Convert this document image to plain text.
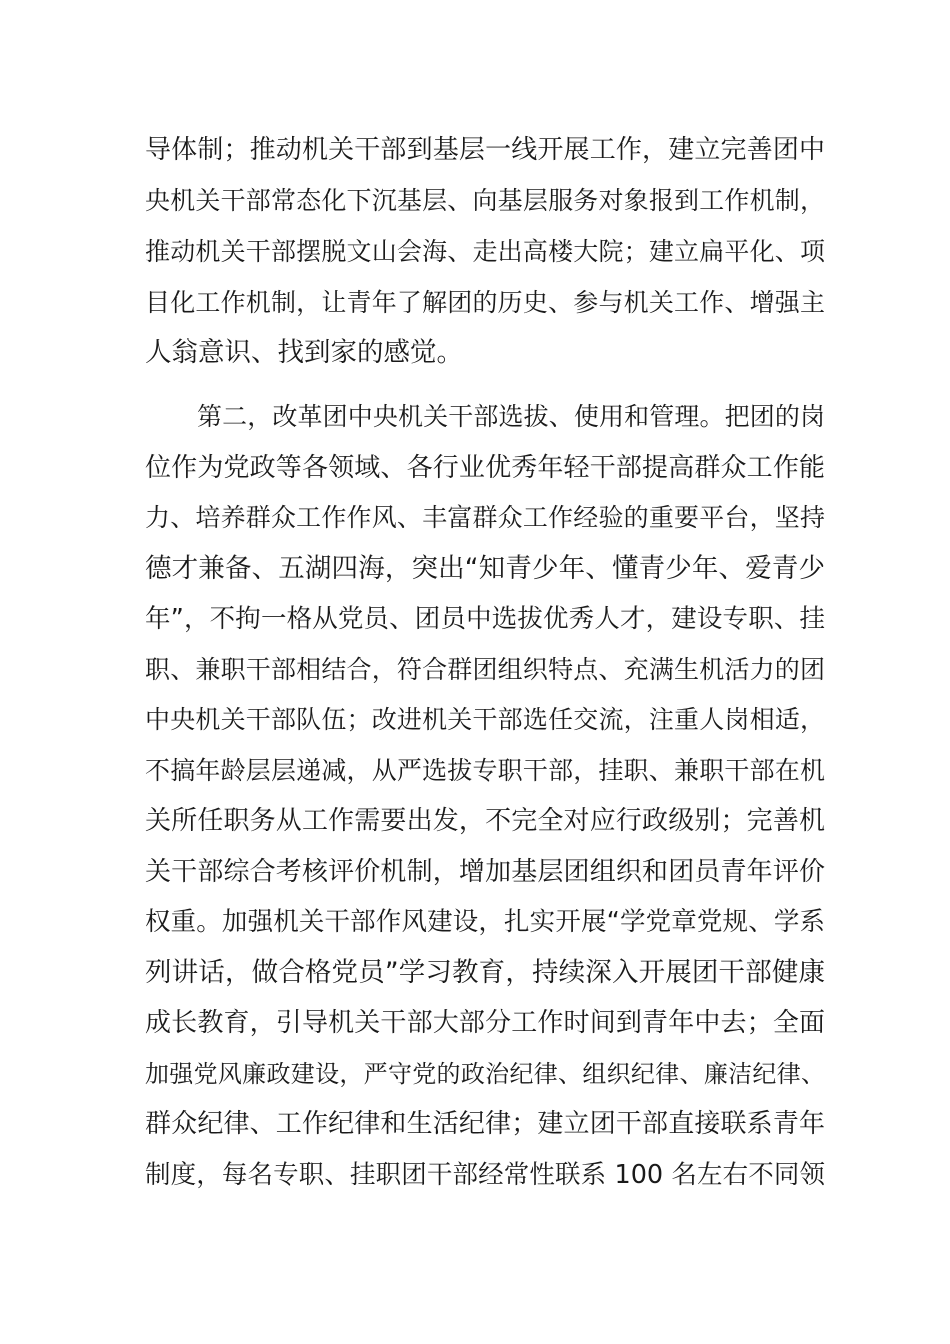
导体制；推动机关干部到基层一线开展工作，建立完善团中
央机关干部常态化下沉基层、向基层服务对象报到工作机制，
推动机关干部摆脱文山会海、走出高楼大院；建立扁平化、项
目化工作机制，让青年了解团的历史、参与机关工作、增强主
人翁意识、找到家的感觉。
第二，改革团中央机关干部选拔、使用和管理。把团的岗
位作为党政等各领域、各行业优秀年轻干部提高群众工作能
力、培养群众工作作风、丰富群众工作经验的重要平台，坚持
德才兼备、五湖四海，突出“知青少年、懂青少年、爱青少
年”，不拘一格从党员、团员中选拔优秀人才，建设专职、挂
职、兼职干部相结合，符合群团组织特点、充满生机活力的团
中央机关干部队伍；改进机关干部选任交流，注重人岗相适，
不搞年龄层层递减，从严选拔专职干部，挂职、兼职干部在机
关所任职务从工作需要出发，不完全对应行政级别；完善机
关干部综合考核评价机制，增加基层团组织和团员青年评价
权重。加强机关干部作风建设，扎实开展“学党章党规、学系
列讲话，做合格党员”学习教育，持续深入开展团干部健康
成长教育，引导机关干部大部分工作时间到青年中去；全面
加强党风廉政建设，严守党的政治纪律、组织纪律、廉洁纪律、
群众纪律、工作纪律和生活纪律；建立团干部直接联系青年
制度，每名专职、挂职团干部经常性联系 100 名左右不同领
